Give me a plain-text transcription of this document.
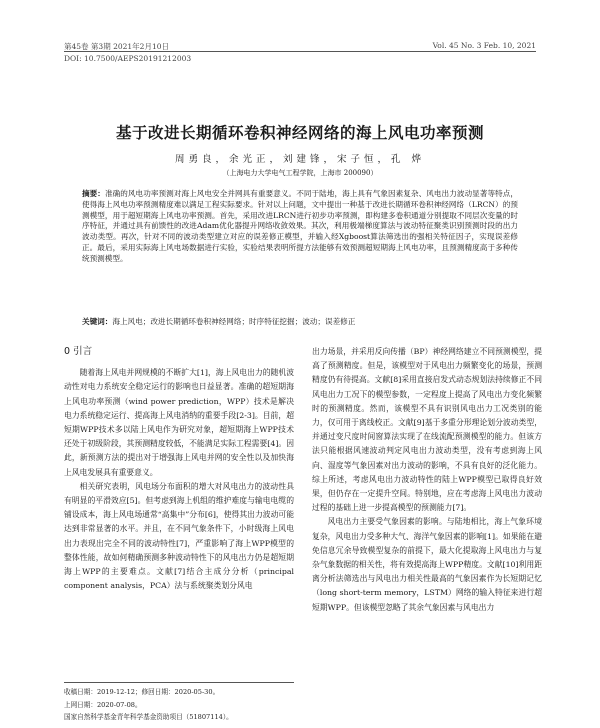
第45卷 第3期 2021年2月10日	Vol. 45 No. 3 Feb. 10, 2021
DOI: 10.7500/AEPS20191212003
基于改进长期循环卷积神经网络的海上风电功率预测
周勇良，余光正，刘建锋，宋子恒，孔 烨
（上海电力大学电气工程学院，上海市 200090）
摘要：准确的风电功率预测对海上风电安全并网具有重要意义。不同于陆地，海上具有气象因素复杂、风电出力波动显著等特点，使得海上风电功率预测精度难以满足工程实际要求。针对以上问题，文中提出一种基于改进长期循环卷积神经网络（LRCN）的预测模型，用于超短期海上风电功率预测。首先，采用改进LRCN进行初步功率预测，即构建多卷积通道分别提取不同层次变量的时序特征，并通过具有前馈性的改进Adam优化器提升网络收敛效果。其次，利用极端梯度算法与波动特征聚类识别预测时段的出力波动类型。再次，针对不同的波动类型建立对应的误差修正模型，并输入经Xgboost算法筛选出的强相关特征因子，实现误差修正。最后，采用实际海上风电场数据进行实验，实验结果表明所提方法能够有效预测超短期海上风电功率，且预测精度高于多种传统预测模型。
关键词：海上风电；改进长期循环卷积神经网络；时序特征挖掘；波动；误差修正
0 引言

随着海上风电并网规模的不断扩大[1]，海上风电出力的随机波动性对电力系统安全稳定运行的影响也日益显著。准确的超短期海上风电功率预测（wind power prediction，WPP）技术是解决电力系统稳定运行、提高海上风电消纳的重要手段[2-3]。目前，超短期WPP技术多以陆上风电作为研究对象，超短期海上WPP技术还处于初级阶段，其预测精度较低，不能满足实际工程需要[4]。因此，新预测方法的提出对于增强海上风电并网的安全性以及加快海上风电发展具有重要意义。

相关研究表明，风电场分布面积的增大对风电出力的波动性具有明显的平滑效应[5]。但考虑到海上机组的维护难度与输电电缆的铺设成本，海上风电场通常“高集中”分布[6]，使得其出力波动可能达到非常显著的水平。并且，在不同气象条件下，小时级海上风电出力表现出完全不同的波动特性[7]，严重影响了海上WPP模型的整体性能，故如何精确预测多种波动特性下的风电出力仍是超短期海上WPP的主要难点。文献[7]结合主成分分析（principal component analysis，PCA）法与系统聚类划分风电

出力场景，并采用反向传播（BP）神经网络建立不同预测模型，提高了预测精度。但是，该模型对于风电出力频繁变化的场景，预测精度仍有待提高。文献[8]采用直接启发式动态规划法持续修正不同风电出力工况下的模型参数，一定程度上提高了风电出力变化频繁时的预测精度。然而，该模型不具有识别风电出力工况类别的能力，仅可用于离线校正。文献[9]基于多重分形理论划分波动类型，并通过变尺度时间窗算法实现了在线流配预测模型的能力。但该方法只能根据风速波动判定风电出力波动类型，没有考虑到海上风向、湿度等气象因素对出力波动的影响，不具有良好的泛化能力。综上所述，考虑风电出力波动特性的陆上WPP模型已取得良好效果，但仍存在一定提升空间。特别地，应在考虑海上风电出力波动过程的基础上进一步提高模型的预测能力[7]。

风电出力主要受气象因素的影响。与陆地相比，海上气象环境复杂，风电出力受多种大气、海洋气象因素的影响[1]。如果能在避免信息冗余导致模型复杂的前提下，最大化提取海上风电出力与复杂气象数据的相关性，将有效提高海上WPP精度。文献[10]利用距离分析法筛选出与风电出力相关性最高的气象因素作为长短期记忆（long short-term memory，LSTM）网络的输入特征来进行超短期WPP。但该模型忽略了其余气象因素与风电出力

收稿日期：2019-12-12；修回日期：2020-05-30。
上网日期：2020-07-08。
国家自然科学基金青年科学基金资助项目（51807114）。
